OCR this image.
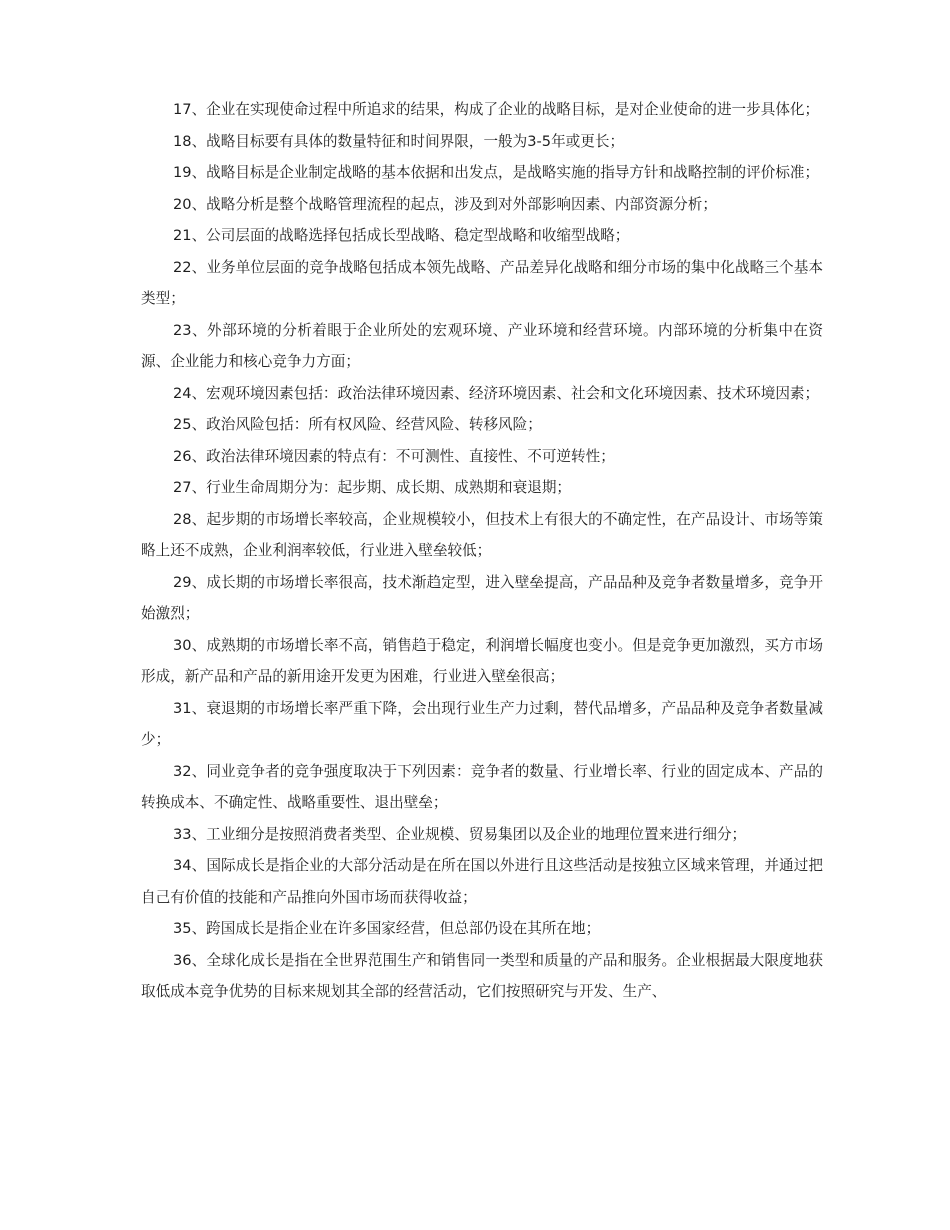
17、企业在实现使命过程中所追求的结果，构成了企业的战略目标，是对企业使命的进一步具体化；

18、战略目标要有具体的数量特征和时间界限，一般为3-5年或更长；

19、战略目标是企业制定战略的基本依据和出发点，是战略实施的指导方针和战略控制的评价标准；

20、战略分析是整个战略管理流程的起点，涉及到对外部影响因素、内部资源分析；

21、公司层面的战略选择包括成长型战略、稳定型战略和收缩型战略；

22、业务单位层面的竞争战略包括成本领先战略、产品差异化战略和细分市场的集中化战略三个基本类型；

23、外部环境的分析着眼于企业所处的宏观环境、产业环境和经营环境。内部环境的分析集中在资源、企业能力和核心竞争力方面；

24、宏观环境因素包括：政治法律环境因素、经济环境因素、社会和文化环境因素、技术环境因素；

25、政治风险包括：所有权风险、经营风险、转移风险；

26、政治法律环境因素的特点有：不可测性、直接性、不可逆转性；

27、行业生命周期分为：起步期、成长期、成熟期和衰退期；

28、起步期的市场增长率较高，企业规模较小，但技术上有很大的不确定性，在产品设计、市场等策略上还不成熟，企业利润率较低，行业进入壁垒较低；

29、成长期的市场增长率很高，技术渐趋定型，进入壁垒提高，产品品种及竞争者数量增多，竞争开始激烈；

30、成熟期的市场增长率不高，销售趋于稳定，利润增长幅度也变小。但是竞争更加激烈，买方市场形成，新产品和产品的新用途开发更为困难，行业进入壁垒很高；

31、衰退期的市场增长率严重下降，会出现行业生产力过剩，替代品增多，产品品种及竞争者数量减少；

32、同业竞争者的竞争强度取决于下列因素：竞争者的数量、行业增长率、行业的固定成本、产品的转换成本、不确定性、战略重要性、退出壁垒；

33、工业细分是按照消费者类型、企业规模、贸易集团以及企业的地理位置来进行细分；

34、国际成长是指企业的大部分活动是在所在国以外进行且这些活动是按独立区域来管理，并通过把自己有价值的技能和产品推向外国市场而获得收益；

35、跨国成长是指企业在许多国家经营，但总部仍设在其所在地；

36、全球化成长是指在全世界范围生产和销售同一类型和质量的产品和服务。企业根据最大限度地获取低成本竞争优势的目标来规划其全部的经营活动，它们按照研究与开发、生产、
